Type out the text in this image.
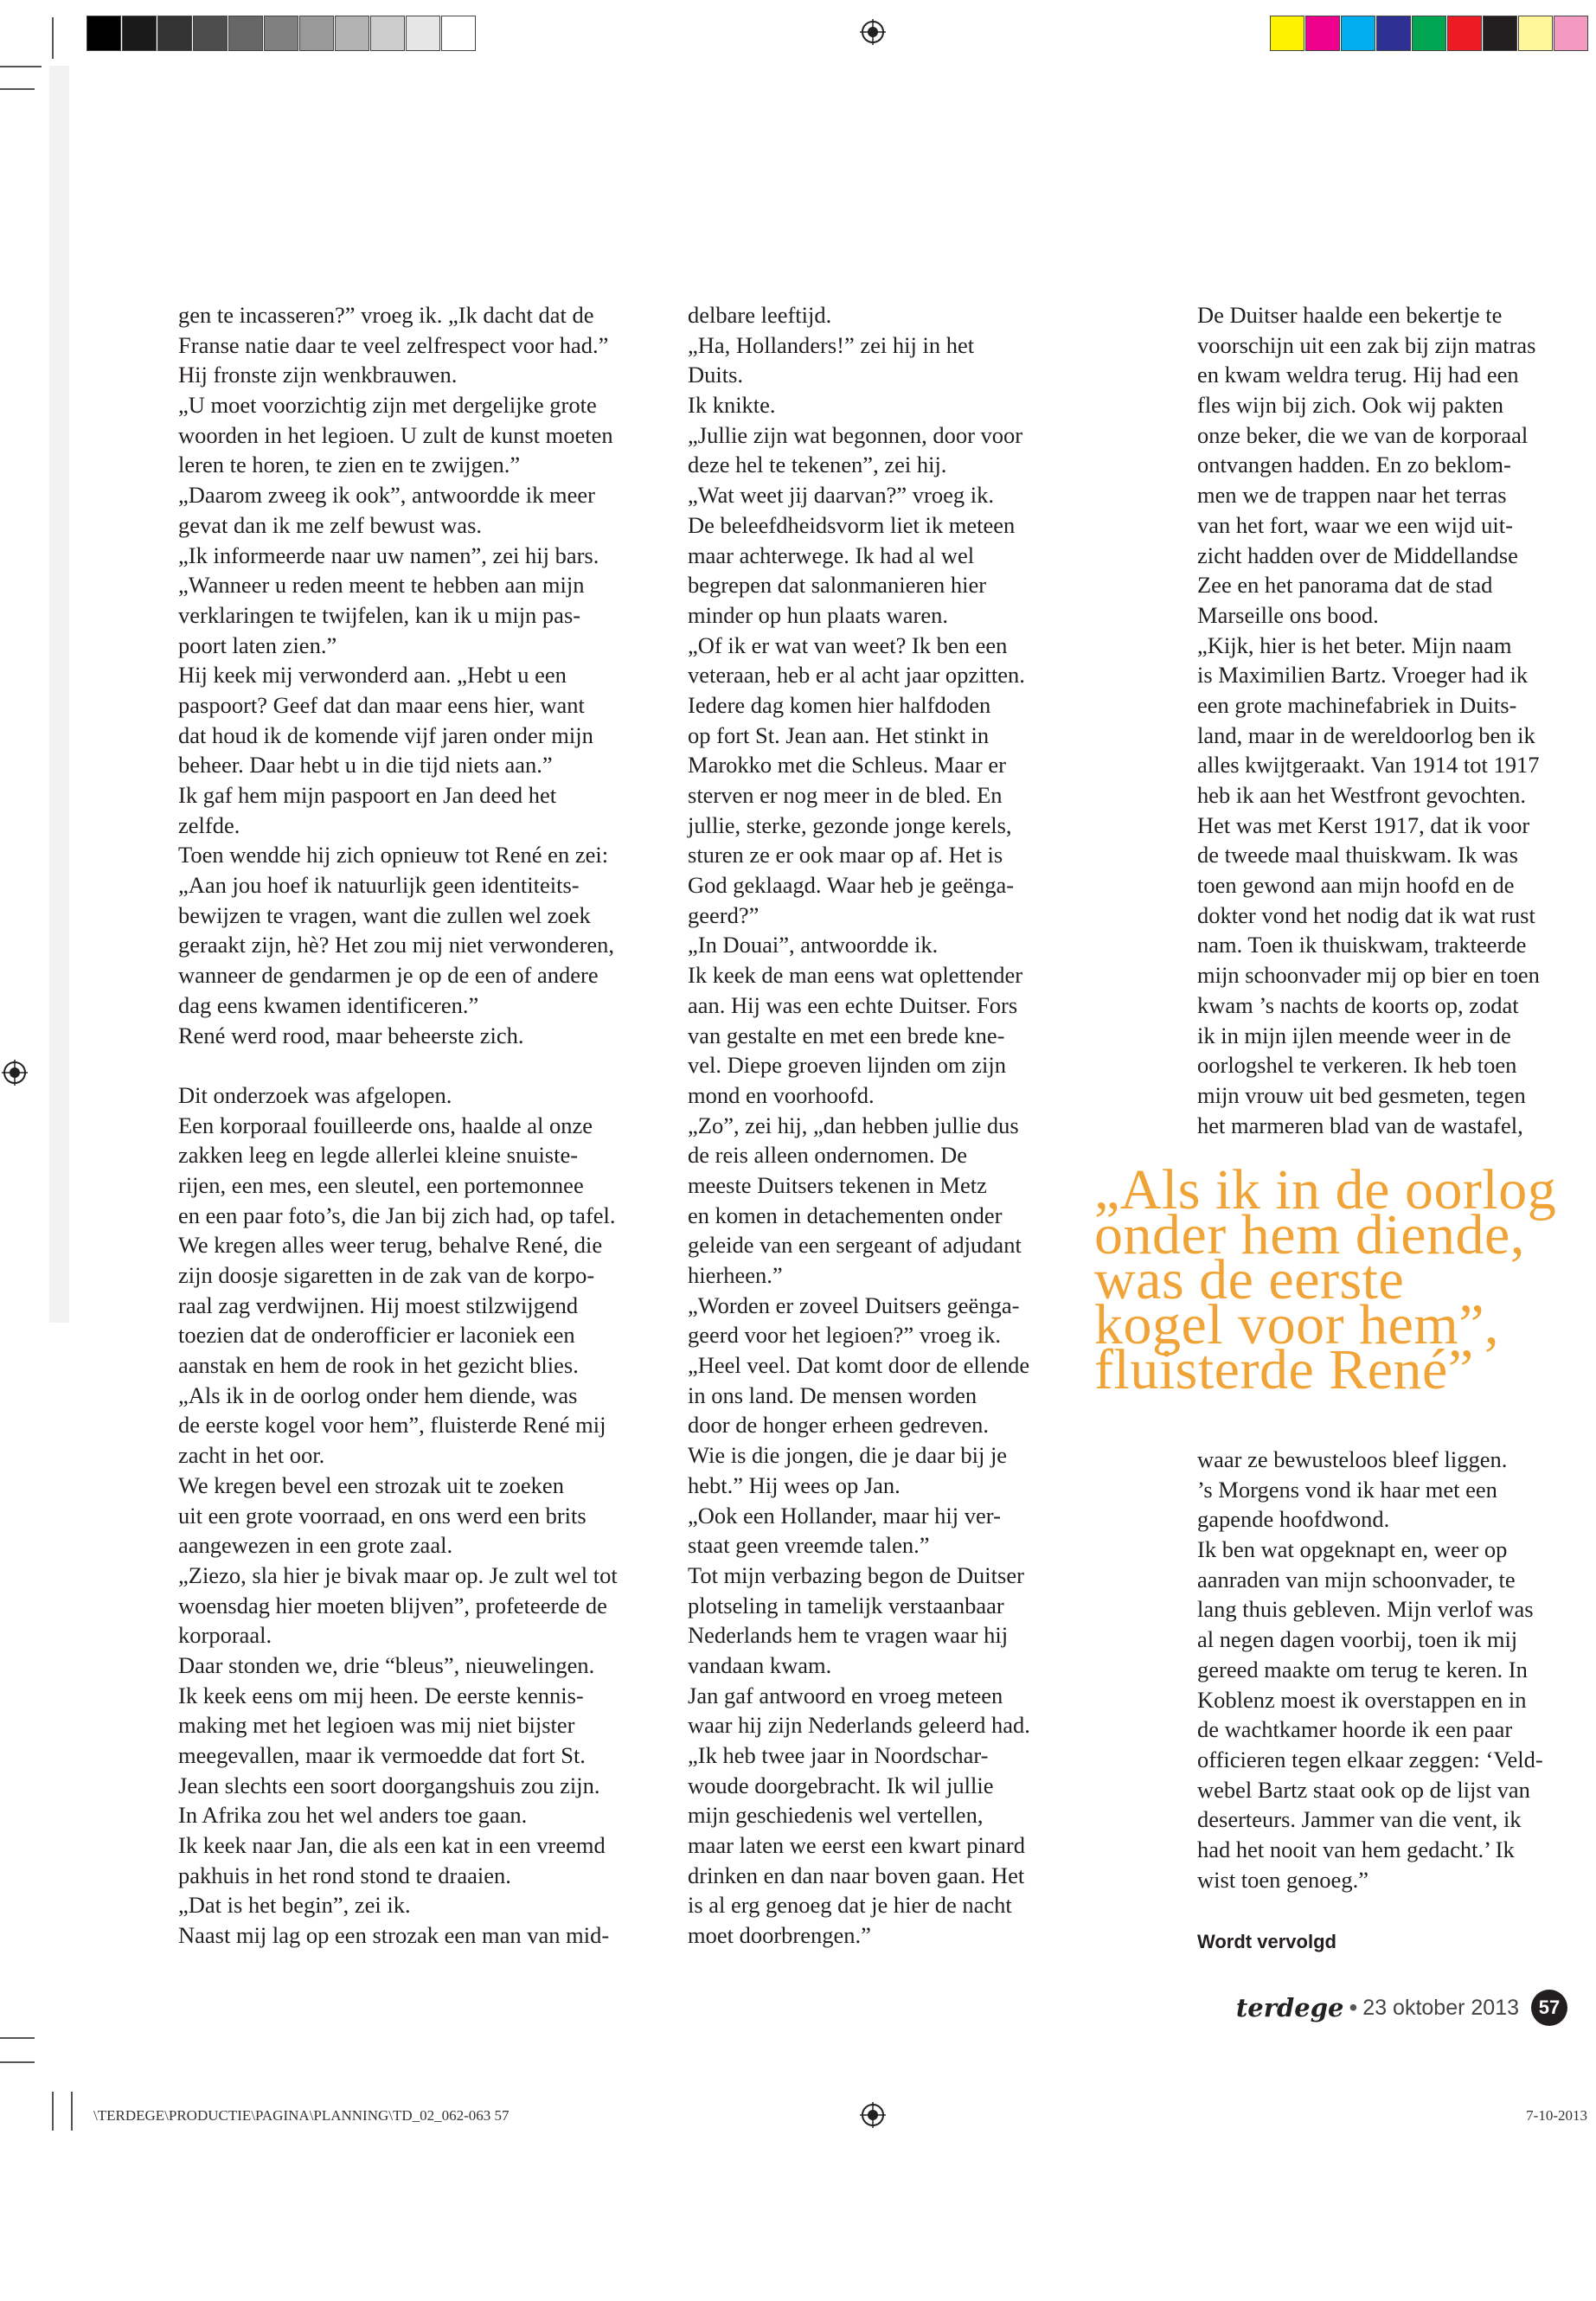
gen te incasseren?” vroeg ik. „Ik dacht dat de
Franse natie daar te veel zelfrespect voor had.”
Hij fronste zijn wenkbrauwen.
„U moet voorzichtig zijn met dergelijke grote
woorden in het legioen. U zult de kunst moeten
leren te horen, te zien en te zwijgen.”
„Daarom zweeg ik ook”, antwoordde ik meer
gevat dan ik me zelf bewust was.
„Ik informeerde naar uw namen”, zei hij bars.
„Wanneer u reden meent te hebben aan mijn
verklaringen te twijfelen, kan ik u mijn pas-
poort laten zien.”
Hij keek mij verwonderd aan. „Hebt u een
paspoort? Geef dat dan maar eens hier, want
dat houd ik de komende vijf jaren onder mijn
beheer. Daar hebt u in die tijd niets aan.”
Ik gaf hem mijn paspoort en Jan deed het
zelfde.
Toen wendde hij zich opnieuw tot René en zei:
„Aan jou hoef ik natuurlijk geen identiteits-
bewijzen te vragen, want die zullen wel zoek
geraakt zijn, hè? Het zou mij niet verwonderen,
wanneer de gendarmen je op de een of andere
dag eens kwamen identificeren.”
René werd rood, maar beheerste zich.
Dit onderzoek was afgelopen.
Een korporaal fouilleerde ons, haalde al onze
zakken leeg en legde allerlei kleine snuiste-
rijen, een mes, een sleutel, een portemonnee
en een paar foto’s, die Jan bij zich had, op tafel.
We kregen alles weer terug, behalve René, die
zijn doosje sigaretten in de zak van de korpo-
raal zag verdwijnen. Hij moest stilzwijgend
toezien dat de onderofficier er laconiek een
aanstak en hem de rook in het gezicht blies.
„Als ik in de oorlog onder hem diende, was
de eerste kogel voor hem”, fluisterde René mij
zacht in het oor.
We kregen bevel een strozak uit te zoeken
uit een grote voorraad, en ons werd een brits
aangewezen in een grote zaal.
„Ziezo, sla hier je bivak maar op. Je zult wel tot
woensdag hier moeten blijven”, profeteerde de
korporaal.
Daar stonden we, drie “bleus”, nieuwelingen.
Ik keek eens om mij heen. De eerste kennis-
making met het legioen was mij niet bijster
meegevallen, maar ik vermoedde dat fort St.
Jean slechts een soort doorgangshuis zou zijn.
In Afrika zou het wel anders toe gaan.
Ik keek naar Jan, die als een kat in een vreemd
pakhuis in het rond stond te draaien.
„Dat is het begin”, zei ik.
Naast mij lag op een strozak een man van mid-
delbare leeftijd.
„Ha, Hollanders!” zei hij in het
Duits.
Ik knikte.
„Jullie zijn wat begonnen, door voor
deze hel te tekenen”, zei hij.
„Wat weet jij daarvan?” vroeg ik.
De beleefdheidsvorm liet ik meteen
maar achterwege. Ik had al wel
begrepen dat salonmanieren hier
minder op hun plaats waren.
„Of ik er wat van weet? Ik ben een
veteraan, heb er al acht jaar opzitten.
Iedere dag komen hier halfdoden
op fort St. Jean aan. Het stinkt in
Marokko met die Schleus. Maar er
sterven er nog meer in de bled. En
jullie, sterke, gezonde jonge kerels,
sturen ze er ook maar op af. Het is
God geklaagd. Waar heb je geënga-
geerd?”
„In Douai”, antwoordde ik.
Ik keek de man eens wat oplettender
aan. Hij was een echte Duitser. Fors
van gestalte en met een brede kne-
vel. Diepe groeven lijnden om zijn
mond en voorhoofd.
„Zo”, zei hij, „dan hebben jullie dus
de reis alleen ondernomen. De
meeste Duitsers tekenen in Metz
en komen in detachementen onder
geleide van een sergeant of adjudant
hierheen.”
„Worden er zoveel Duitsers geënga-
geerd voor het legioen?” vroeg ik.
„Heel veel. Dat komt door de ellende
in ons land. De mensen worden
door de honger erheen gedreven.
Wie is die jongen, die je daar bij je
hebt.” Hij wees op Jan.
„Ook een Hollander, maar hij ver-
staat geen vreemde talen.”
Tot mijn verbazing begon de Duitser
plotseling in tamelijk verstaanbaar
Nederlands hem te vragen waar hij
vandaan kwam.
Jan gaf antwoord en vroeg meteen
waar hij zijn Nederlands geleerd had.
„Ik heb twee jaar in Noordschar-
woude doorgebracht. Ik wil jullie
mijn geschiedenis wel vertellen,
maar laten we eerst een kwart pinard
drinken en dan naar boven gaan. Het
is al erg genoeg dat je hier de nacht
moet doorbrengen.”
De Duitser haalde een bekertje te
voorschijn uit een zak bij zijn matras
en kwam weldra terug. Hij had een
fles wijn bij zich. Ook wij pakten
onze beker, die we van de korporaal
ontvangen hadden. En zo beklom-
men we de trappen naar het terras
van het fort, waar we een wijd uit-
zicht hadden over de Middellandse
Zee en het panorama dat de stad
Marseille ons bood.
„Kijk, hier is het beter. Mijn naam
is Maximilien Bartz. Vroeger had ik
een grote machinefabriek in Duits-
land, maar in de wereldoorlog ben ik
alles kwijtgeraakt. Van 1914 tot 1917
heb ik aan het Westfront gevochten.
Het was met Kerst 1917, dat ik voor
de tweede maal thuiskwam. Ik was
toen gewond aan mijn hoofd en de
dokter vond het nodig dat ik wat rust
nam. Toen ik thuiskwam, trakteerde
mijn schoonvader mij op bier en toen
kwam ’s nachts de koorts op, zodat
ik in mijn ijlen meende weer in de
oorlogshel te verkeren. Ik heb toen
mijn vrouw uit bed gesmeten, tegen
het marmeren blad van de wastafel,
„Als ik in de oorlog
onder hem diende,
was de eerste
kogel voor hem”,
fluisterde René”
waar ze bewusteloos bleef liggen.
’s Morgens vond ik haar met een
gapende hoofdwond.
Ik ben wat opgeknapt en, weer op
aanraden van mijn schoonvader, te
lang thuis gebleven. Mijn verlof was
al negen dagen voorbij, toen ik mij
gereed maakte om terug te keren. In
Koblenz moest ik overstappen en in
de wachtkamer hoorde ik een paar
officieren tegen elkaar zeggen: ‘Veld-
webel Bartz staat ook op de lijst van
deserteurs. Jammer van die vent, ik
had het nooit van hem gedacht.’ Ik
wist toen genoeg.”
Wordt vervolgd
terdege • 23 oktober 2013	57
\TERDEGE\PRODUCTIE\PAGINA\PLANNING\TD_02_062-063 57	7-10-2013
